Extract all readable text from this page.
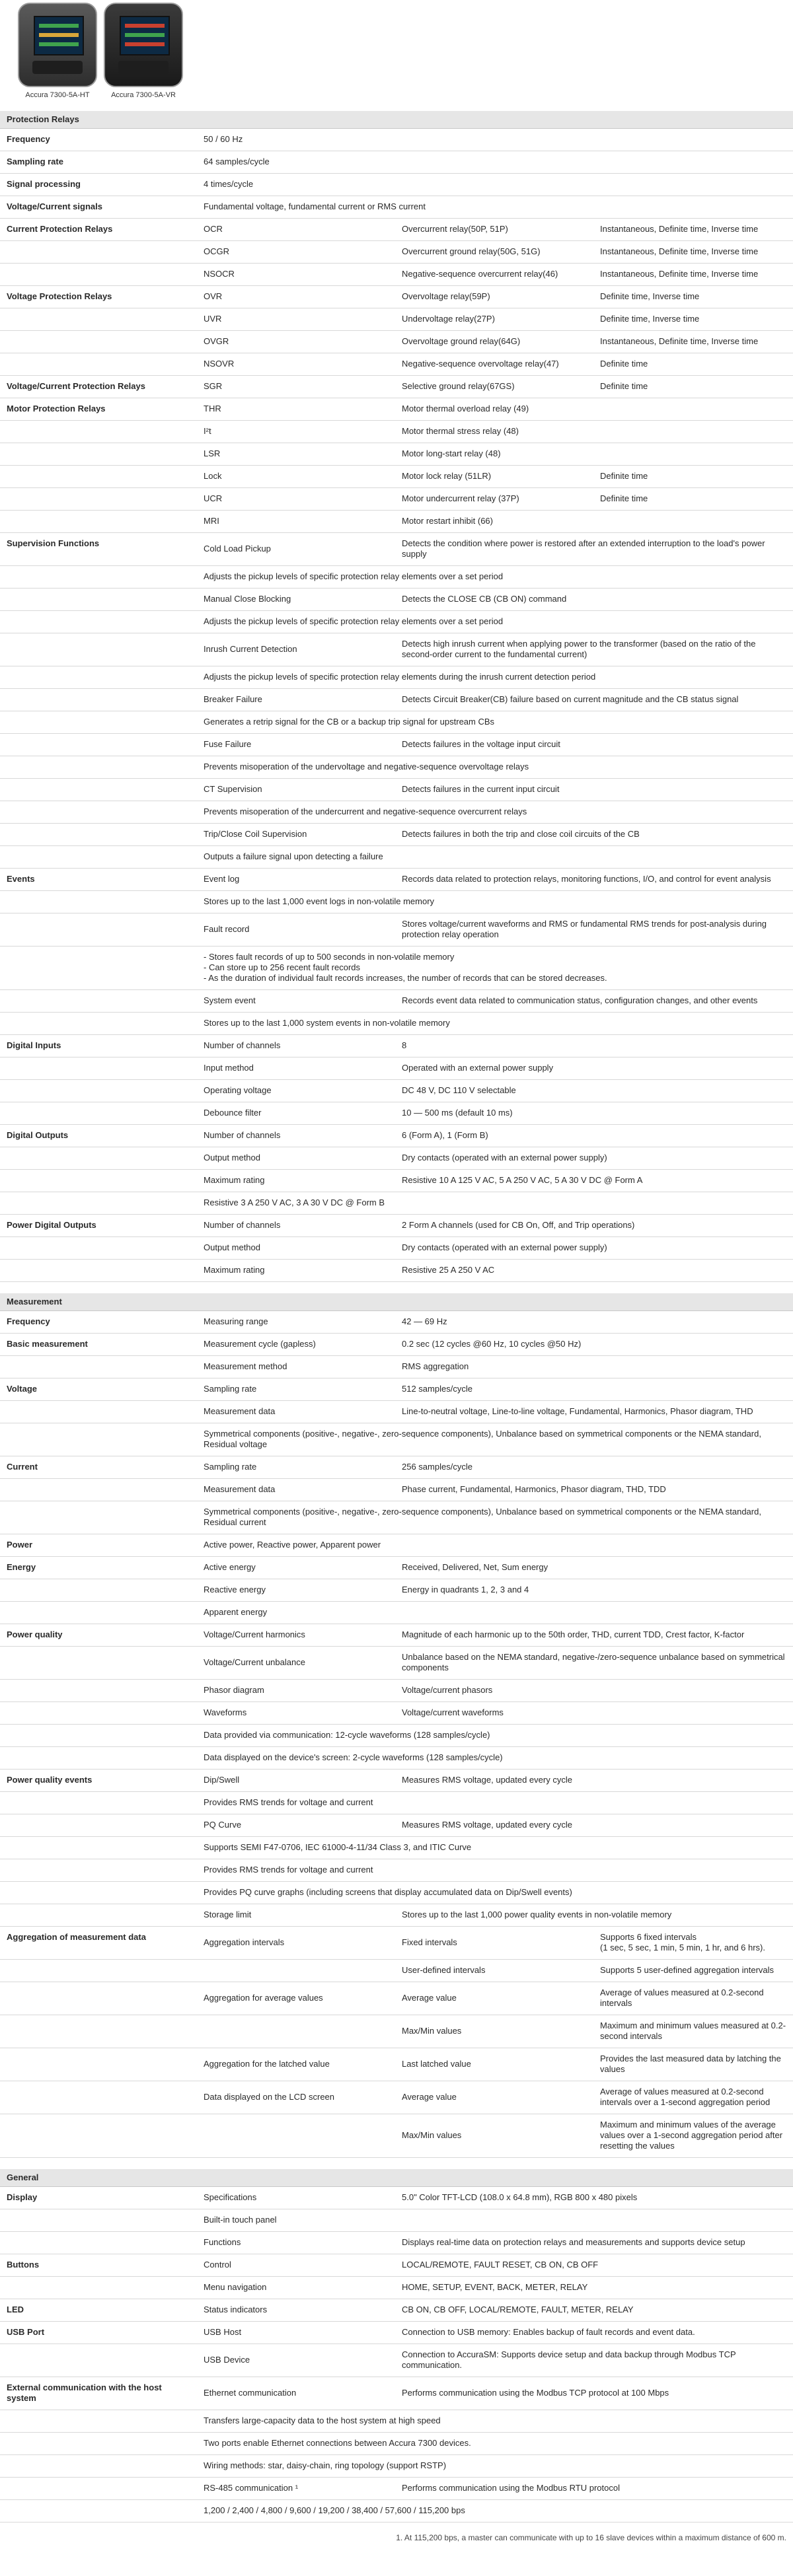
Accura 7300-5A-HT	Accura 7300-5A-VR
Protection Relays			
Frequency	50 / 60 Hz		
Sampling rate	64 samples/cycle		
Signal processing	4 times/cycle		
Voltage/Current signals	Fundamental voltage, fundamental current or RMS current		
Current Protection Relays	OCR	Overcurrent relay(50P, 51P)	Instantaneous, Definite time, Inverse time
	OCGR	Overcurrent ground relay(50G, 51G)	Instantaneous, Definite time, Inverse time
	NSOCR	Negative-sequence overcurrent relay(46)	Instantaneous, Definite time, Inverse time
Voltage Protection Relays	OVR	Overvoltage relay(59P)	Definite time, Inverse time
	UVR	Undervoltage relay(27P)	Definite time, Inverse time
	OVGR	Overvoltage ground relay(64G)	Instantaneous, Definite time, Inverse time
	NSOVR	Negative-sequence overvoltage relay(47)	Definite time
Voltage/Current Protection Relays	SGR	Selective ground relay(67GS)	Definite time
Motor Protection Relays	THR	Motor thermal overload relay (49)	
	I²t	Motor thermal stress relay (48)	
	LSR	Motor long-start relay (48)	
	Lock	Motor lock relay (51LR)	Definite time
	UCR	Motor undercurrent relay (37P)	Definite time
	MRI	Motor restart inhibit (66)	
Supervision Functions	Cold Load Pickup	Detects the condition where power is restored after an extended interruption to the load's power supply	
	Adjusts the pickup levels of specific protection relay elements over a set period		
	Manual Close Blocking	Detects the CLOSE CB (CB ON) command	
	Adjusts the pickup levels of specific protection relay elements over a set period		
	Inrush Current Detection	Detects high inrush current when applying power to the transformer (based on the ratio of the second-order current to the fundamental current)	
	Adjusts the pickup levels of specific protection relay elements during the inrush current detection period		
	Breaker Failure	Detects Circuit Breaker(CB) failure based on current magnitude and the CB status signal	
	Generates a retrip signal for the CB or a backup trip signal for upstream CBs		
	Fuse Failure	Detects failures in the voltage input circuit	
	Prevents misoperation of the undervoltage and negative-sequence overvoltage relays		
	CT Supervision	Detects failures in the current input circuit	
	Prevents misoperation of the undercurrent and negative-sequence overcurrent relays		
	Trip/Close Coil Supervision	Detects failures in both the trip and close coil circuits of the CB	
	Outputs a failure signal upon detecting a failure		
Events	Event log	Records data related to protection relays, monitoring functions, I/O, and control for event analysis	
	Stores up to the last 1,000 event logs in non-volatile memory		
	Fault record	Stores voltage/current waveforms and RMS or fundamental RMS trends for post-analysis during protection relay operation	
	- Stores fault records of up to 500 seconds in non-volatile memory
- Can store up to 256 recent fault records
- As the duration of individual fault records increases, the number of records that can be stored decreases.		
	System event	Records event data related to communication status, configuration changes, and other events	
	Stores up to the last 1,000 system events in non-volatile memory		
Digital Inputs	Number of channels	8	
	Input method	Operated with an external power supply	
	Operating voltage	DC 48 V, DC 110 V selectable	
	Debounce filter	10 — 500 ms (default 10 ms)	
Digital Outputs	Number of channels	6 (Form A), 1 (Form B)	
	Output method	Dry contacts (operated with an external power supply)	
	Maximum rating	Resistive 10 A 125 V AC, 5 A 250 V AC, 5 A 30 V DC @ Form A	
	Resistive 3 A 250 V AC, 3 A 30 V DC @ Form B		
Power Digital Outputs	Number of channels	2 Form A channels (used for CB On, Off, and Trip operations)	
	Output method	Dry contacts (operated with an external power supply)	
	Maximum rating	Resistive 25 A 250 V AC	

Measurement			
Frequency	Measuring range	42 — 69 Hz	
Basic measurement	Measurement cycle (gapless)	0.2 sec (12 cycles @60 Hz, 10 cycles @50 Hz)	
	Measurement method	RMS aggregation	
Voltage	Sampling rate	512 samples/cycle	
	Measurement data	Line-to-neutral voltage, Line-to-line voltage, Fundamental, Harmonics, Phasor diagram, THD	
	Symmetrical components (positive-, negative-, zero-sequence components), Unbalance based on symmetrical components or the NEMA standard, Residual voltage		
Current	Sampling rate	256 samples/cycle	
	Measurement data	Phase current, Fundamental, Harmonics, Phasor diagram, THD, TDD	
	Symmetrical components (positive-, negative-, zero-sequence components), Unbalance based on symmetrical components or the NEMA standard, Residual current		
Power	Active power, Reactive power, Apparent power		
Energy	Active energy	Received, Delivered, Net, Sum energy	
	Reactive energy	Energy in quadrants 1, 2, 3 and 4	
	Apparent energy		
Power quality	Voltage/Current harmonics	Magnitude of each harmonic up to the 50th order, THD, current TDD, Crest factor, K-factor	
	Voltage/Current unbalance	Unbalance based on the NEMA standard, negative-/zero-sequence unbalance based on symmetrical components	
	Phasor diagram	Voltage/current phasors	
	Waveforms	Voltage/current waveforms	
	Data provided via communication: 12-cycle waveforms (128 samples/cycle)		
	Data displayed on the device's screen: 2-cycle waveforms (128 samples/cycle)		
Power quality events	Dip/Swell	Measures RMS voltage, updated every cycle	
	Provides RMS trends for voltage and current		
	PQ Curve	Measures RMS voltage, updated every cycle	
	Supports SEMI F47-0706, IEC 61000-4-11/34 Class 3, and ITIC Curve		
	Provides RMS trends for voltage and current		
	Provides PQ curve graphs (including screens that display accumulated data on Dip/Swell events)		
	Storage limit	Stores up to the last 1,000 power quality events in non-volatile memory	
Aggregation of measurement data	Aggregation intervals	Fixed intervals	Supports 6 fixed intervals
(1 sec, 5 sec, 1 min, 5 min, 1 hr, and 6 hrs).
		User-defined intervals	Supports 5 user-defined aggregation intervals
	Aggregation for average values	Average value	Average of values measured at 0.2-second intervals
		Max/Min values	Maximum and minimum values measured at 0.2-second intervals
	Aggregation for the latched value	Last latched value	Provides the last measured data by latching the values
	Data displayed on the LCD screen	Average value	Average of values measured at 0.2-second intervals over a 1-second aggregation period
		Max/Min values	Maximum and minimum values of the average values over a 1-second aggregation period after resetting the values

General			
Display	Specifications	5.0" Color TFT-LCD (108.0 x 64.8 mm), RGB 800 x 480 pixels	
	Built-in touch panel		
	Functions	Displays real-time data on protection relays and measurements and supports device setup	
Buttons	Control	LOCAL/REMOTE, FAULT RESET, CB ON, CB OFF	
	Menu navigation	HOME, SETUP, EVENT, BACK, METER, RELAY	
LED	Status indicators	CB ON, CB OFF, LOCAL/REMOTE, FAULT, METER, RELAY	
USB Port	USB Host	Connection to USB memory: Enables backup of fault records and event data.	
	USB Device	Connection to AccuraSM: Supports device setup and data backup through Modbus TCP communication.	
External communication with the host system	Ethernet communication	Performs communication using the Modbus TCP protocol at 100 Mbps	
	Transfers large-capacity data to the host system at high speed		
	Two ports enable Ethernet connections between Accura 7300 devices.		
	Wiring methods: star, daisy-chain, ring topology (support RSTP)		
	RS-485 communication ¹	Performs communication using the Modbus RTU protocol	
	1,200 / 2,400 / 4,800 / 9,600 / 19,200 / 38,400 / 57,600 / 115,200 bps		
1. At 115,200 bps, a master can communicate with up to 16 slave devices within a maximum distance of 600 m.
